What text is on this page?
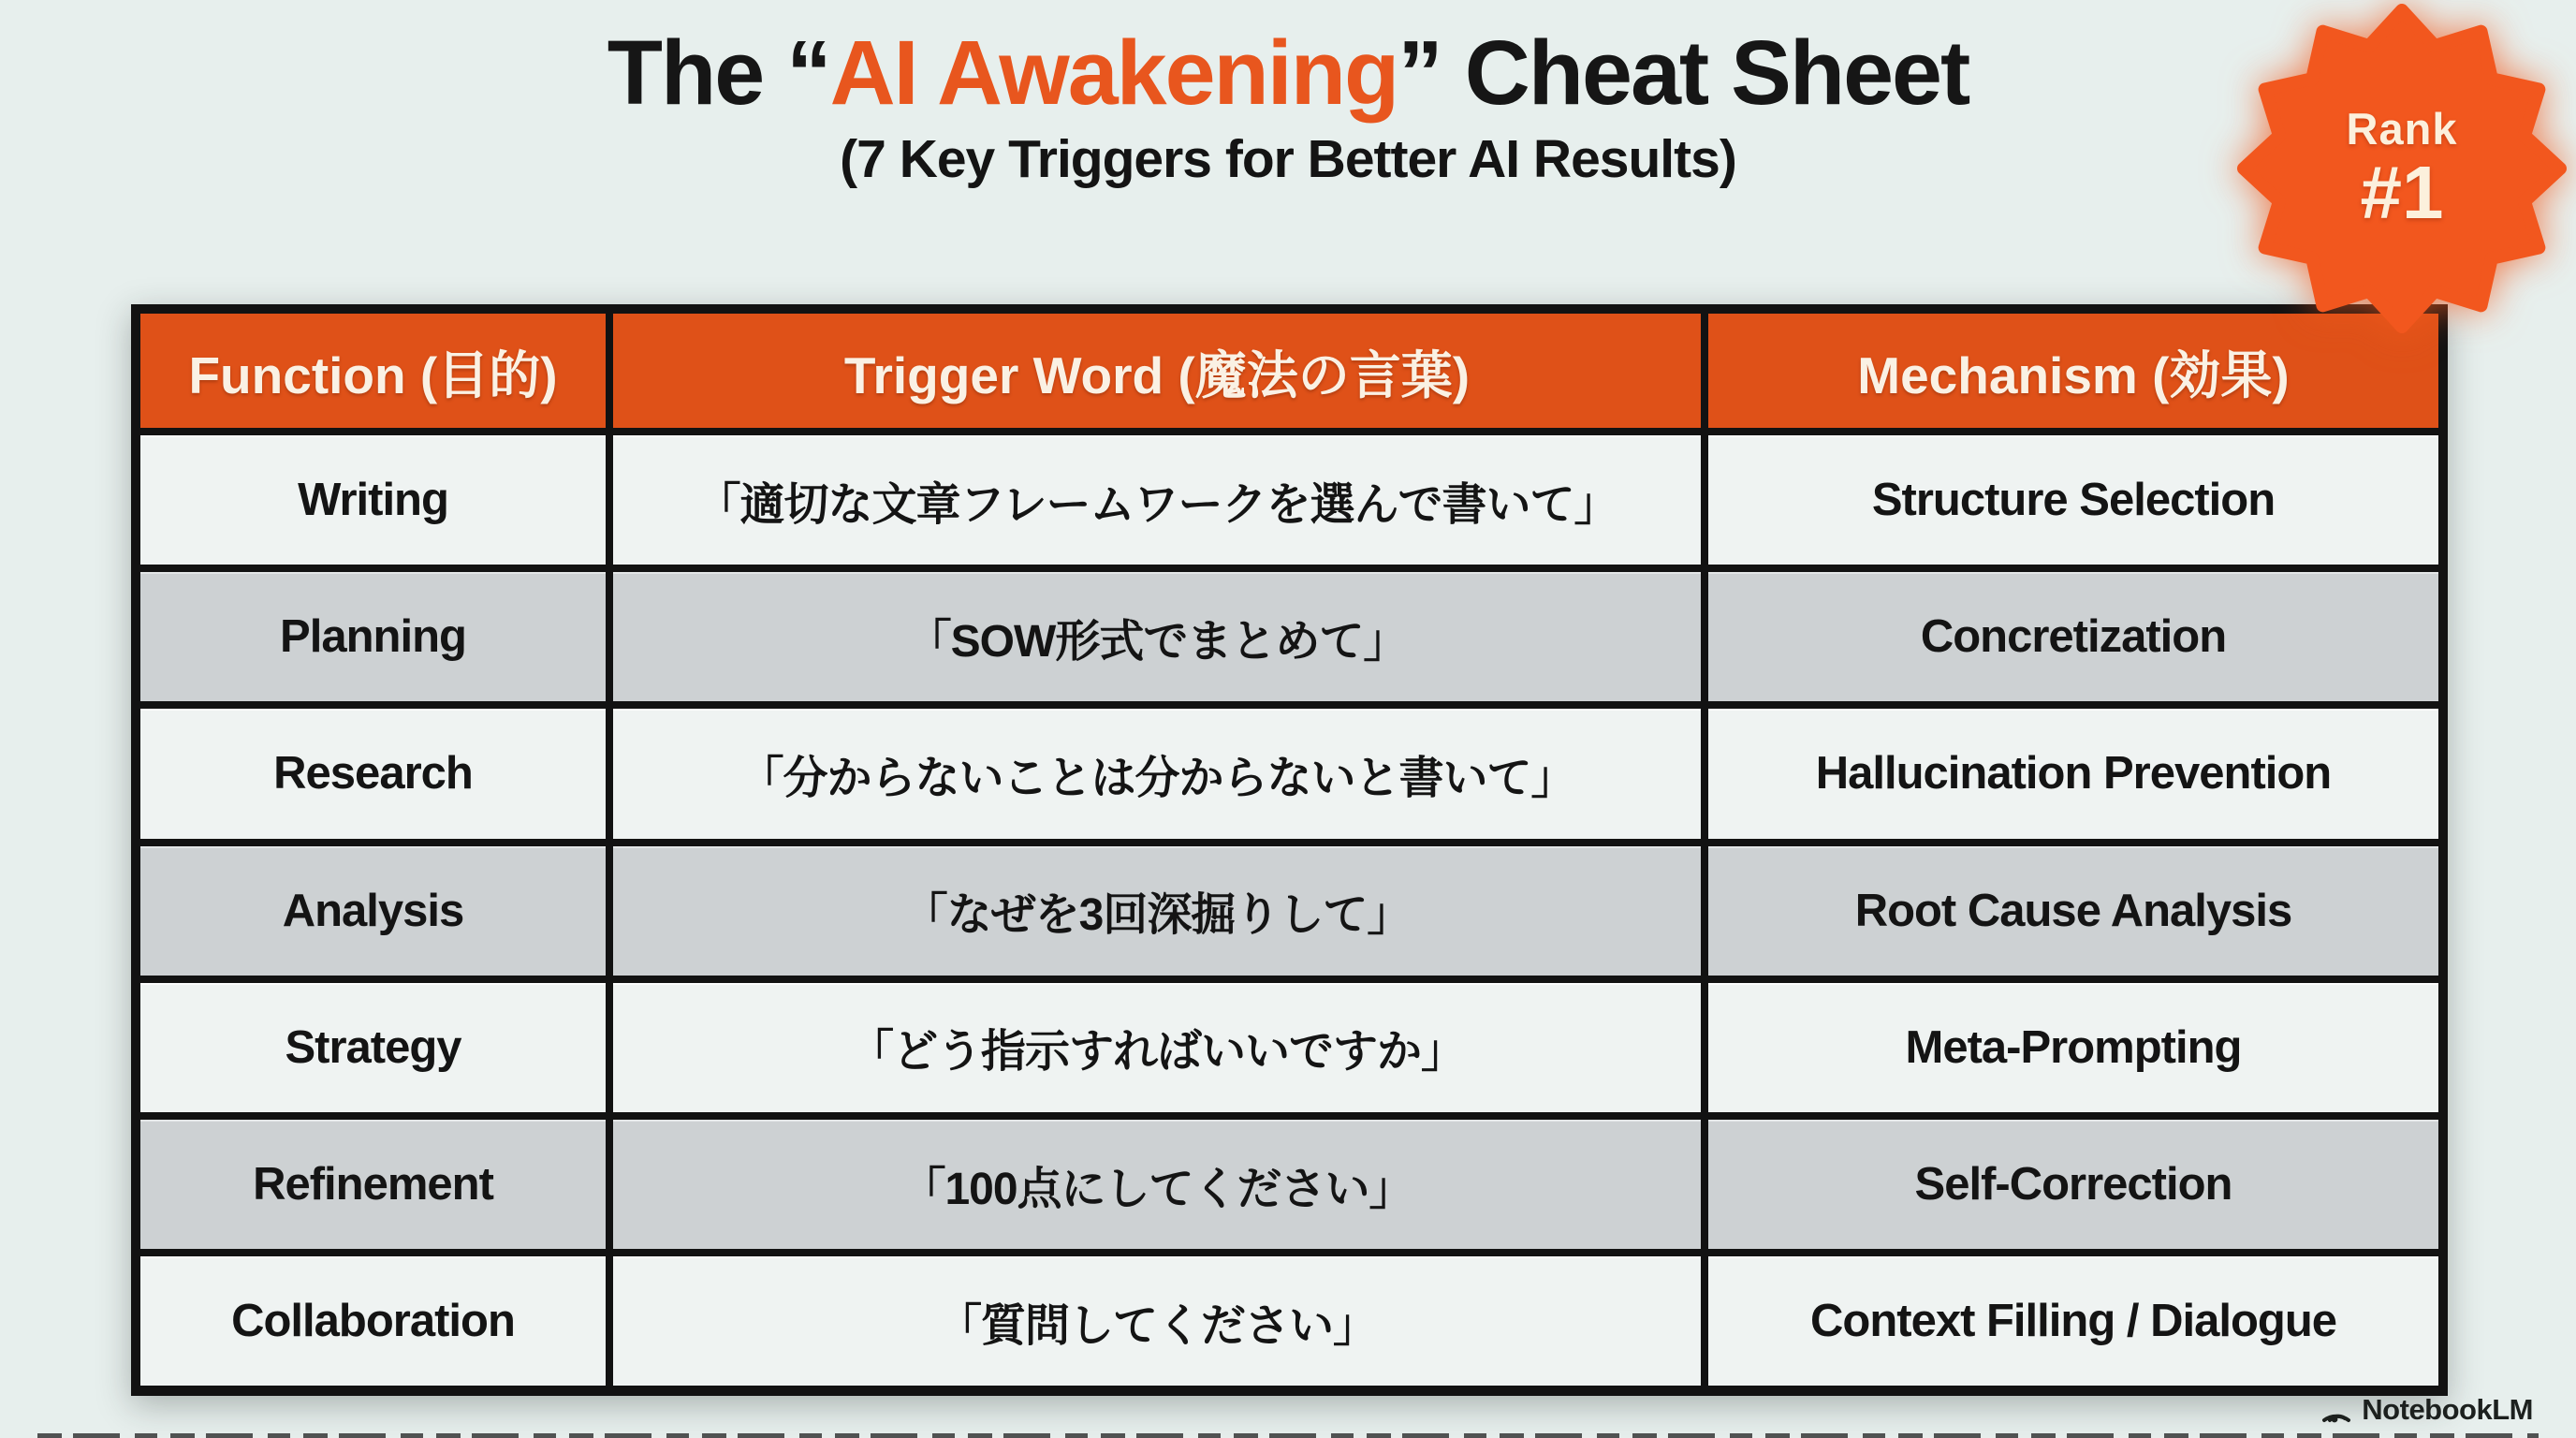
The “AI Awakening” Cheat Sheet
(7 Key Triggers for Better AI Results)
Rank
#1
Function (目的)	Trigger Word (魔法の言葉)	Mechanism (効果)
Writing	「適切な文章フレームワークを選んで書いて」	Structure Selection
Planning	「SOW形式でまとめて」	Concretization
Research	「分からないことは分からないと書いて」	Hallucination Prevention
Analysis	「なぜを3回深掘りして」	Root Cause Analysis
Strategy	「どう指示すればいいですか」	Meta-Prompting
Refinement	「100点にしてください」	Self-Correction
Collaboration	「質問してください」	Context Filling / Dialogue
NotebookLM
